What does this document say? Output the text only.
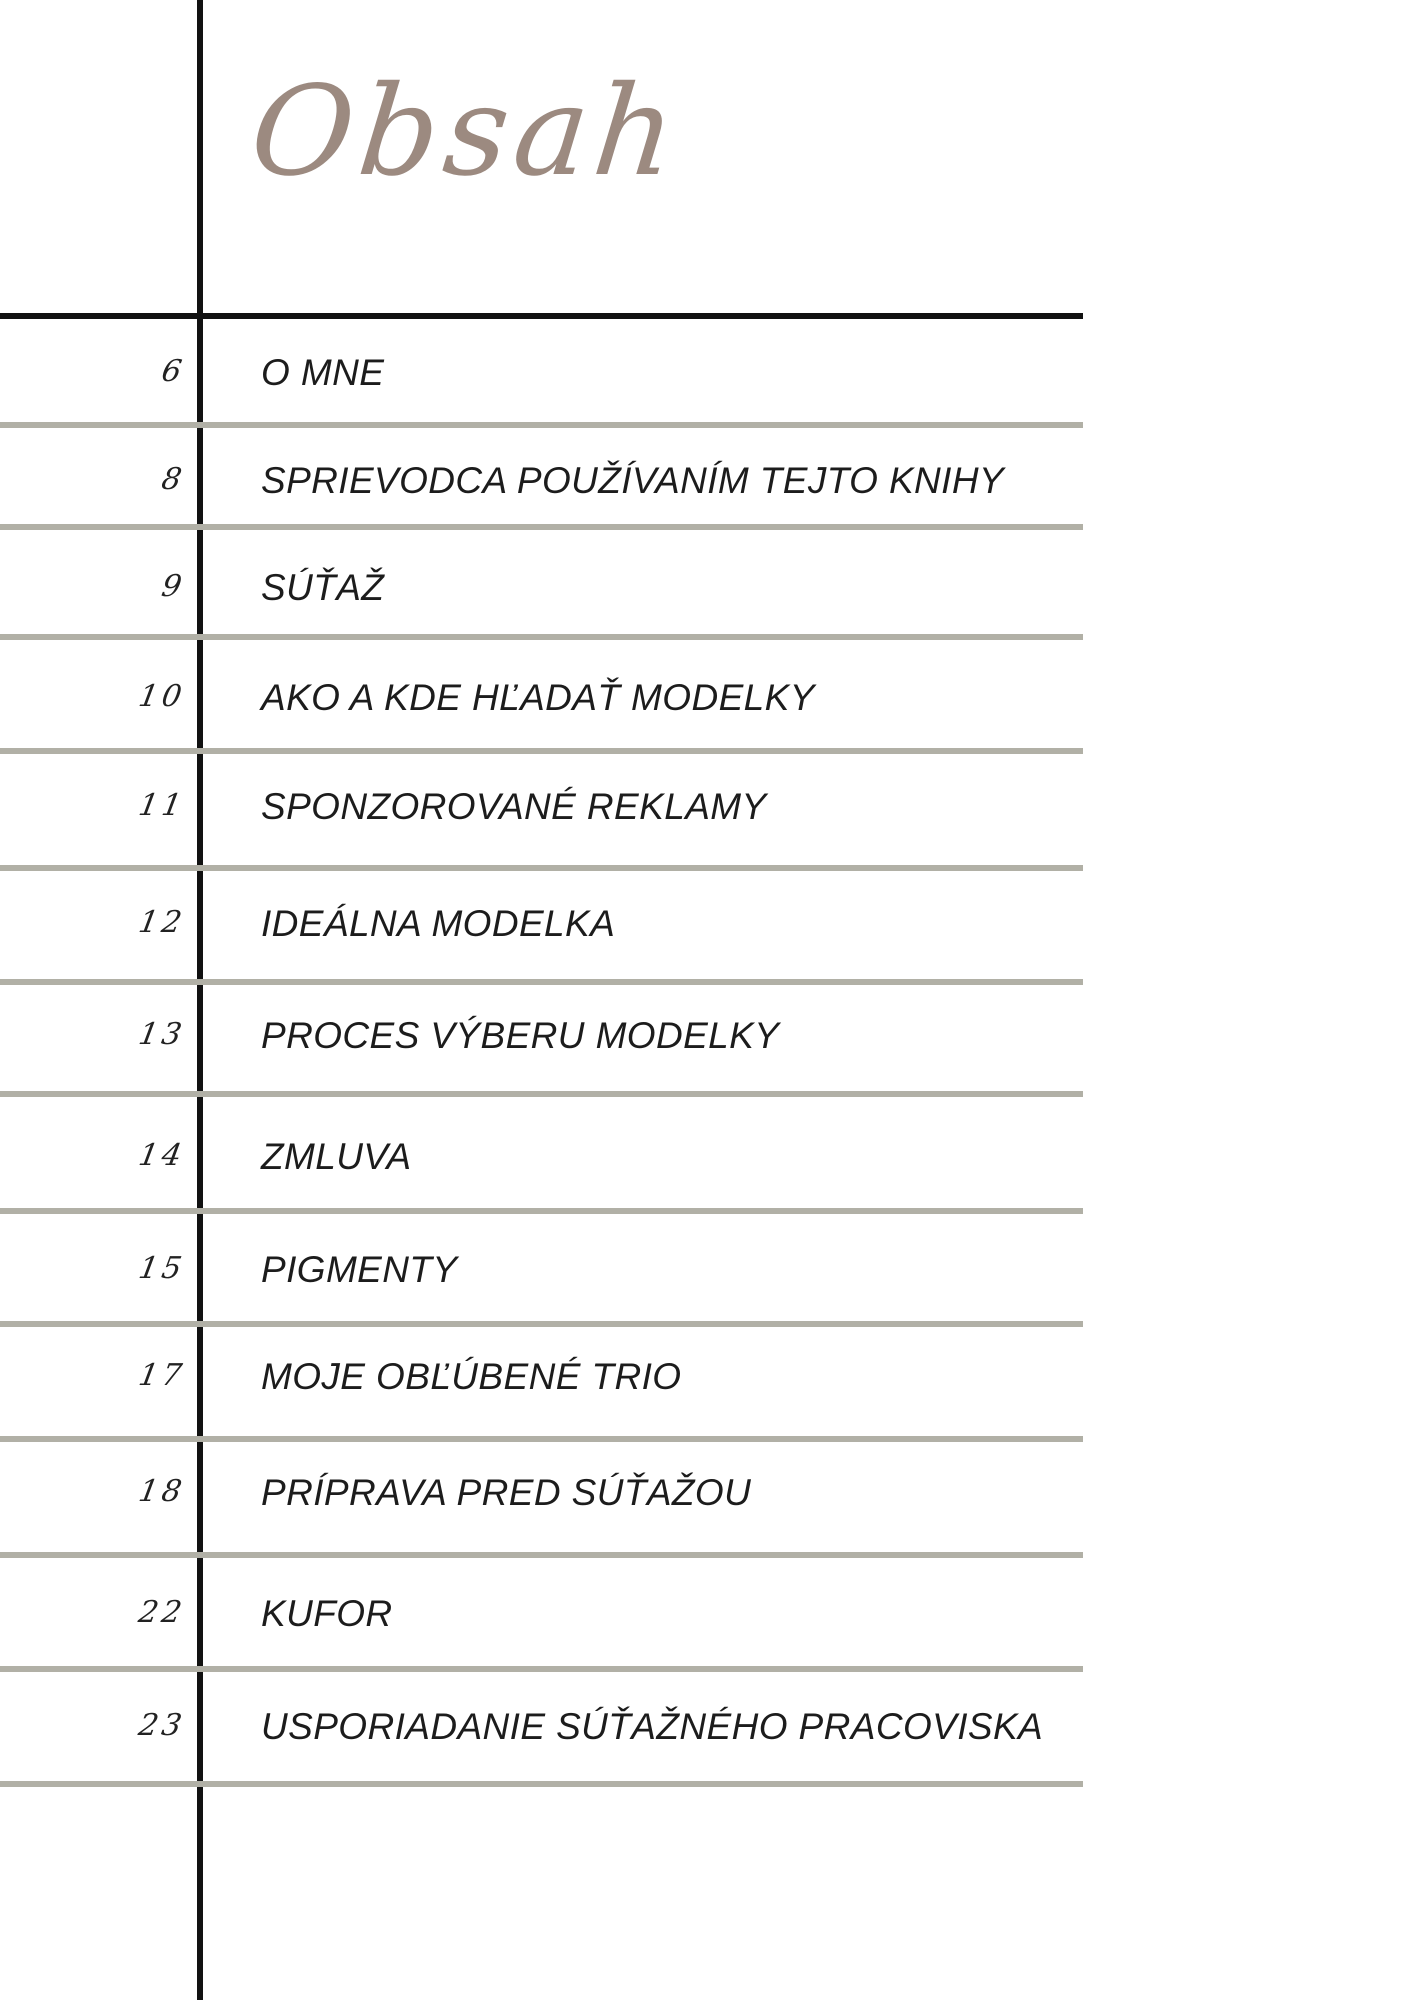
Obsah
6 O MNE
8 SPRIEVODCA POUŽÍVANÍM TEJTO KNIHY
9 SÚŤAŽ
10 AKO A KDE HĽADAŤ MODELKY
11 SPONZOROVANÉ REKLAMY
12 IDEÁLNA MODELKA
13 PROCES VÝBERU MODELKY
14 ZMLUVA
15 PIGMENTY
17 MOJE OBĽÚBENÉ TRIO
18 PRÍPRAVA PRED SÚŤAŽOU
22 KUFOR
23 USPORIADANIE SÚŤAŽNÉHO PRACOVISKA
